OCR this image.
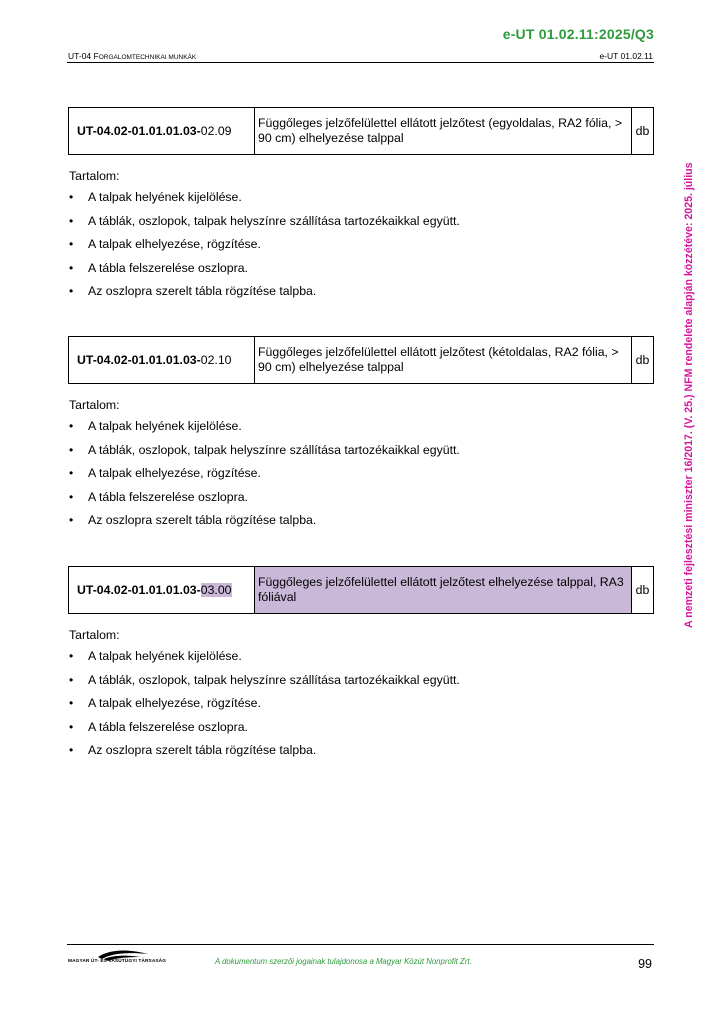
e-UT 01.02.11:2025/Q3
UT-04 FORGALOMTECHNIKAI MUNKÁK	e-UT 01.02.11
UT-04.02-01.01.01.03- 02.09
Függőleges jelzőfelülettel ellátott jelzőtest (egyoldalas, RA2 fólia, > 90 cm) elhelyezése talppal	db
Tartalom:
• A talpak helyének kijelölése.
• A táblák, oszlopok, talpak helyszínre szállítása tartozékaikkal együtt.
• A talpak elhelyezése, rögzítése.
• A tábla felszerelése oszlopra.
• Az oszlopra szerelt tábla rögzítése talpba.
UT-04.02-01.01.01.03- 02.10
Függőleges jelzőfelülettel ellátott jelzőtest (kétoldalas, RA2 fólia, > 90 cm) elhelyezése talppal	db
Tartalom:
• A talpak helyének kijelölése.
• A táblák, oszlopok, talpak helyszínre szállítása tartozékaikkal együtt.
• A talpak elhelyezése, rögzítése.
• A tábla felszerelése oszlopra.
• Az oszlopra szerelt tábla rögzítése talpba.
UT-04.02-01.01.01.03- 03.00
Függőleges jelzőfelülettel ellátott jelzőtest elhelyezése talppal, RA3 fóliával	db
Tartalom:
• A talpak helyének kijelölése.
• A táblák, oszlopok, talpak helyszínre szállítása tartozékaikkal együtt.
• A talpak elhelyezése, rögzítése.
• A tábla felszerelése oszlopra.
• Az oszlopra szerelt tábla rögzítése talpba.
A nemzeti fejlesztési miniszter 16/2017. (V. 25.) NFM rendelete alapján közzétéve: 2025. július
MAGYAR ÚT- ÉS VASÚTÜGYI TÁRSASÁG	A dokumentum szerzői jogainak tulajdonosa a Magyar Közút Nonprofit Zrt.	99
